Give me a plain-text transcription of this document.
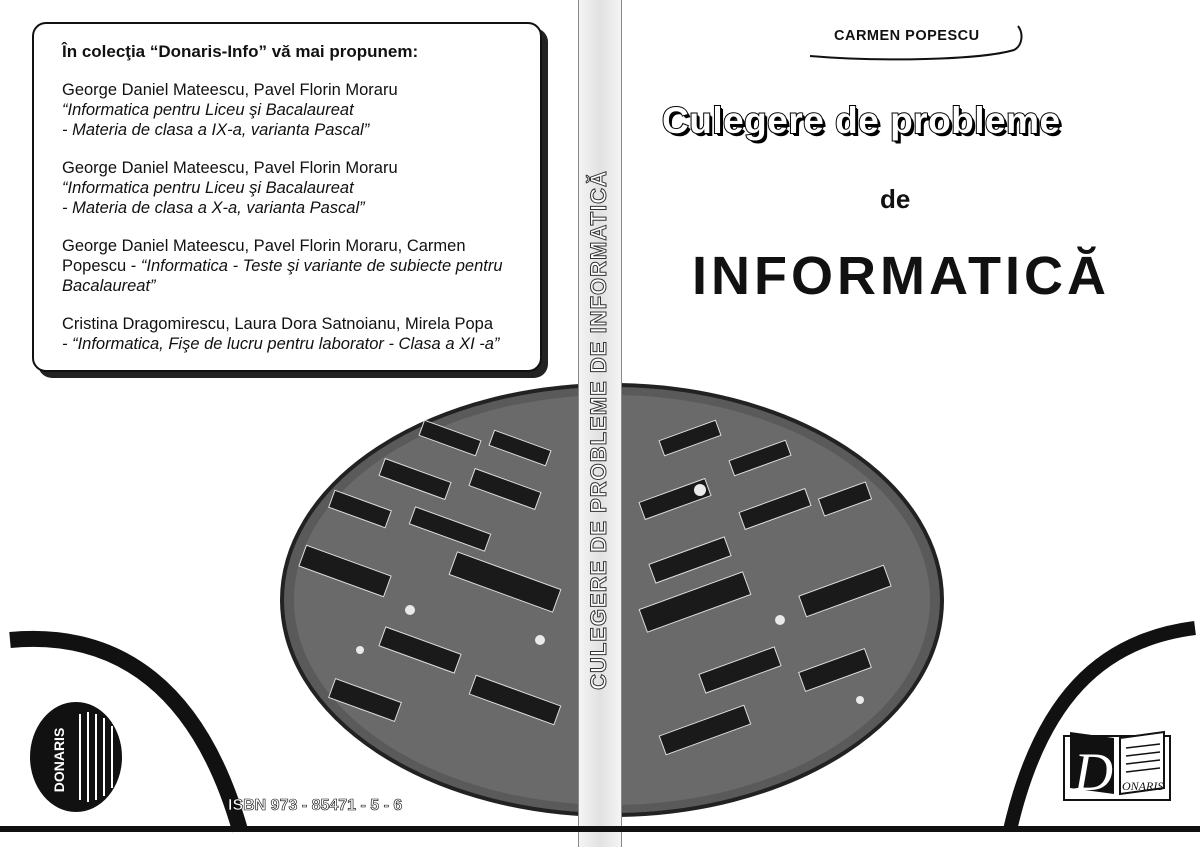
În colecţia “Donaris-Info” vă mai propunem:

George Daniel Mateescu, Pavel Florin Moraru
“Informatica pentru Liceu şi Bacalaureat
- Materia de clasa a IX-a, varianta Pascal”
George Daniel Mateescu, Pavel Florin Moraru
“Informatica pentru Liceu şi Bacalaureat
- Materia de clasa a X-a, varianta Pascal”
George Daniel Mateescu, Pavel Florin Moraru, Carmen
Popescu - “Informatica - Teste şi variante de subiecte pentru
Bacalaureat”
Cristina Dragomirescu, Laura Dora Satnoianu, Mirela Popa
- “Informatica, Fişe de lucru pentru laborator - Clasa a XI -a”	CULEGERE DE PROBLEME DE INFORMATICĂ
CARMEN POPESCU
Culegere de probleme
de
INFORMATICĂ
DONARIS
ISBN 973 - 85471 - 5 - 6
D ONARIS
